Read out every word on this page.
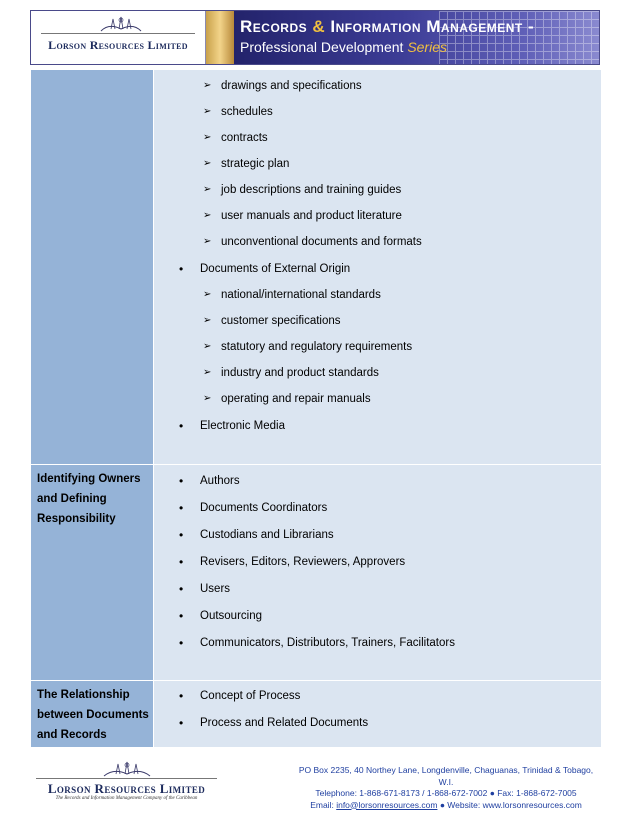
Lorson Resources Limited
Records & Information Management -
Professional Development Series
➢ drawings and specifications
➢ schedules
➢ contracts
➢ strategic plan
➢ job descriptions and training guides
➢ user manuals and product literature
➢ unconventional documents and formats
• Documents of External Origin
➢ national/international standards
➢ customer specifications
➢ statutory and regulatory requirements
➢ industry and product standards
➢ operating and repair manuals
• Electronic Media
Identifying Owners and Defining Responsibility
• Authors
• Documents Coordinators
• Custodians and Librarians
• Revisers, Editors, Reviewers, Approvers
• Users
• Outsourcing
• Communicators, Distributors, Trainers, Facilitators
The Relationship between Documents and Records
• Concept of Process
• Process and Related Documents
Lorson Resources Limited
The Records and Information Management Company of the Caribbean
PO Box 2235, 40 Northey Lane, Longdenville, Chaguanas, Trinidad & Tobago, W.I.
Telephone: 1-868-671-8173 / 1-868-672-7002 ● Fax: 1-868-672-7005
Email: info@lorsonresources.com ● Website: www.lorsonresources.com
